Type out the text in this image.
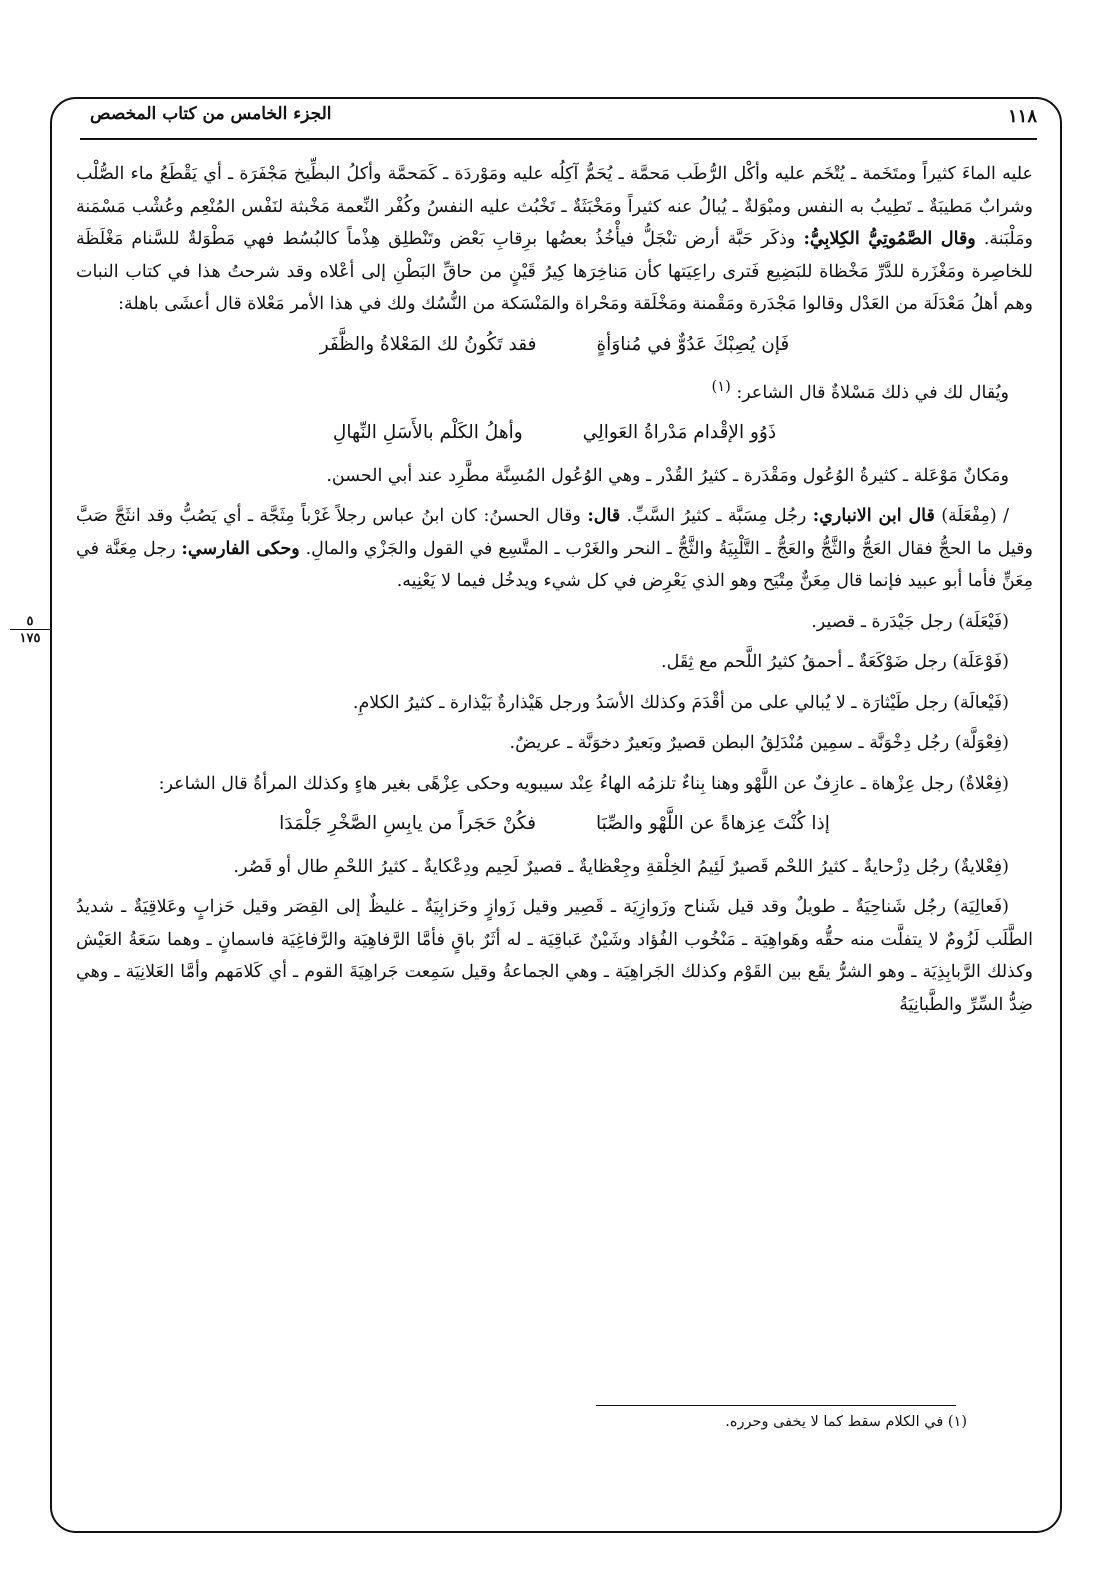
الجزء الخامس من كتاب المخصص	١١٨
٥
١٧٥

عليه الماءَ كثيراً ومتَخَمة ـ يُتْخَم عليه وأكْل الرُّطَب مَحمَّة ـ يُحَمُّ آكِلُه عليه ومَوْردَة ـ كَمَحمَّة وأكلُ البطِّيخ مَجْفَرَة ـ أي يَقْطَعُ ماء الصُّلْب وشرابٌ مَطيبَةٌ ـ تَطِيبُ به النفس ومبْوَلةٌ ـ يُبالُ عنه كثيراً ومَخْبَثَةٌ ـ تَخْبُث عليه النفسُ وكُفْر النِّعمة مَخْبثة لنَفْس المُنْعِم وعُشْب مَسْمَنة ومَلْبَنة. وقال الصَّمُوتِيُّ الكِلابِيُّ: وذكَر حَبَّة أرض تنْجَلُّ فيأْخُذُ بعضُها برِقابِ بَعْض وتَنْطلِق هِذْماً كالبُسُط فهي مَطْوَلةٌ للسَّنام مَغْلَظَة للخاصِرة ومَغْزَرة للدَّرِّ مَخْظاة للبَضِيع فَترى راعِيَتها كأن مَناخِرَها كِيرُ قَيْنٍ من حاقِّ البَطْنِ إلى أعْلاه وقد شرحتُ هذا في كتاب النبات وهم أهلُ مَعْدَلَة من العَدْل وقالوا مَجْدَرة ومَقْمنة ومَخْلَقة ومَحْراة والمَنْسَكة من النُّسُك ولك في هذا الأمر مَعْلاة قال أعشَى باهلة:

فَإن يُصِبْكَ عَدُوٌّ في مُناوَأةٍ
فقد تَكُونُ لك المَعْلاةُ والظَّفَر

ويُقال لك في ذلك مَسْلاةٌ قال الشاعر: $^{(١)}$

ذَوُو الإقْدام مَدْراةُ العَوالِي
وأهلُ الكَلْم بالأَسَلِ النِّهالِ

ومَكانٌ مَوْعَلة ـ كثيرةُ الوُعُول ومَقْدَرة ـ كثيرُ القُدْر ـ وهي الوُعُول المُسِنَّة مطَّرِد عند أبي الحسن.

/ (مِفْعَلَة) قال ابن الانباري: رجُل مِسَبَّة ـ كثيرُ السَّبِّ. قال: وقال الحسنُ: كان ابنُ عباس رجلاً غَرْباً مِثَجَّة ـ أي يَصُبُّ وقد انثَجَّ صَبَّ وقيل ما الحجُّ فقال العَجُّ والثَّجُّ والعَجُّ ـ التَّلْبِيَةُ والثَّجُّ ـ النحر والغَرْب ـ المتَّسِع في القول والجَزْي والمالِ. وحكى الفارسي: رجل مِعَنَّة في مِعَنٍّ فأما أبو عبيد فإنما قال مِعَنٌّ مِتْيَح وهو الذي يَعْرِض في كل شيء ويدخُل فيما لا يَعْنِيه.

(فَيْعَلَة) رجل جَيْدَرة ـ قصير.

(فَوْعَلَة) رجل ضَوْكَعَةٌ ـ أحمقُ كثيرُ اللَّحم مع ثِقَل.

(فَيْعالَة) رجل طَيْثارَة ـ لا يُبالي على من أقْدَمَ وكذلك الأسَدُ ورجل هَيْذارةٌ بَيْذارة ـ كثيرُ الكلامِ.

(فِعْوَلَّة) رجُل دِخْوَنَّة ـ سمِين مُنْدَلِقُ البطن قصيرٌ وبَعيرٌ دخوَنَّة ـ عريضٌ.

(فِعْلاةٌ) رجل عِزْهاة ـ عازِفٌ عن اللَّهْو وهنا بِناءٌ تلزمُه الهاءُ عِنْد سيبويه وحكى عِزْهًى بغير هاءٍ وكذلك المرأةُ قال الشاعر:

إذا كُنْتَ عِزهاةً عن اللَّهْو والصِّبَا
فكُنْ حَجَراً من يابِسِ الصَّخْرِ جَلْمَدَا

(فِعْلايةٌ) رجُل دِزْحايةٌ ـ كثيرُ اللحْم قَصيرٌ لَئِيمُ الخِلْقةِ وجِعْظايةٌ ـ قصيرٌ لَحِيم ودِعْكايةٌ ـ كثيرُ اللحْمِ طال أو قَصُر.

(فَعالِيَة) رجُل شَناحِيَةٌ ـ طويلٌ وقد قيل شَناح وزَوازِيَة ـ قَصِير وقيل زَوازٍ وحَزابِيَةٌ ـ غليظٌ إلى القِصَر وقيل حَزابٍ وعَلاقِيَةٌ ـ شديدُ الطَّلَب لَزُومٌ لا يتفلَّت منه حقُّه وهَواهِيَة ـ مَنْخُوب الفُؤاد وشَيْنٌ عَباقِيَة ـ له أثَرٌ باقٍ فأمَّا الرَّفاهِيَة والرَّفاغِيَة فاسمانٍ ـ وهما سَعَةُ العَيْش وكذلك الرَّبابِذِيَة ـ وهو الشرُّ يقَع بين القَوْم وكذلك الجَراهِيَة ـ وهي الجماعةُ وقيل سَمِعت جَراهِيَةَ القوم ـ أي كَلامَهم وأمَّا العَلانِيَة ـ وهي ضِدُّ السِّرِّ والطَّبانِيَةُ

(١) في الكلام سقط كما لا يخفى وحرره.
